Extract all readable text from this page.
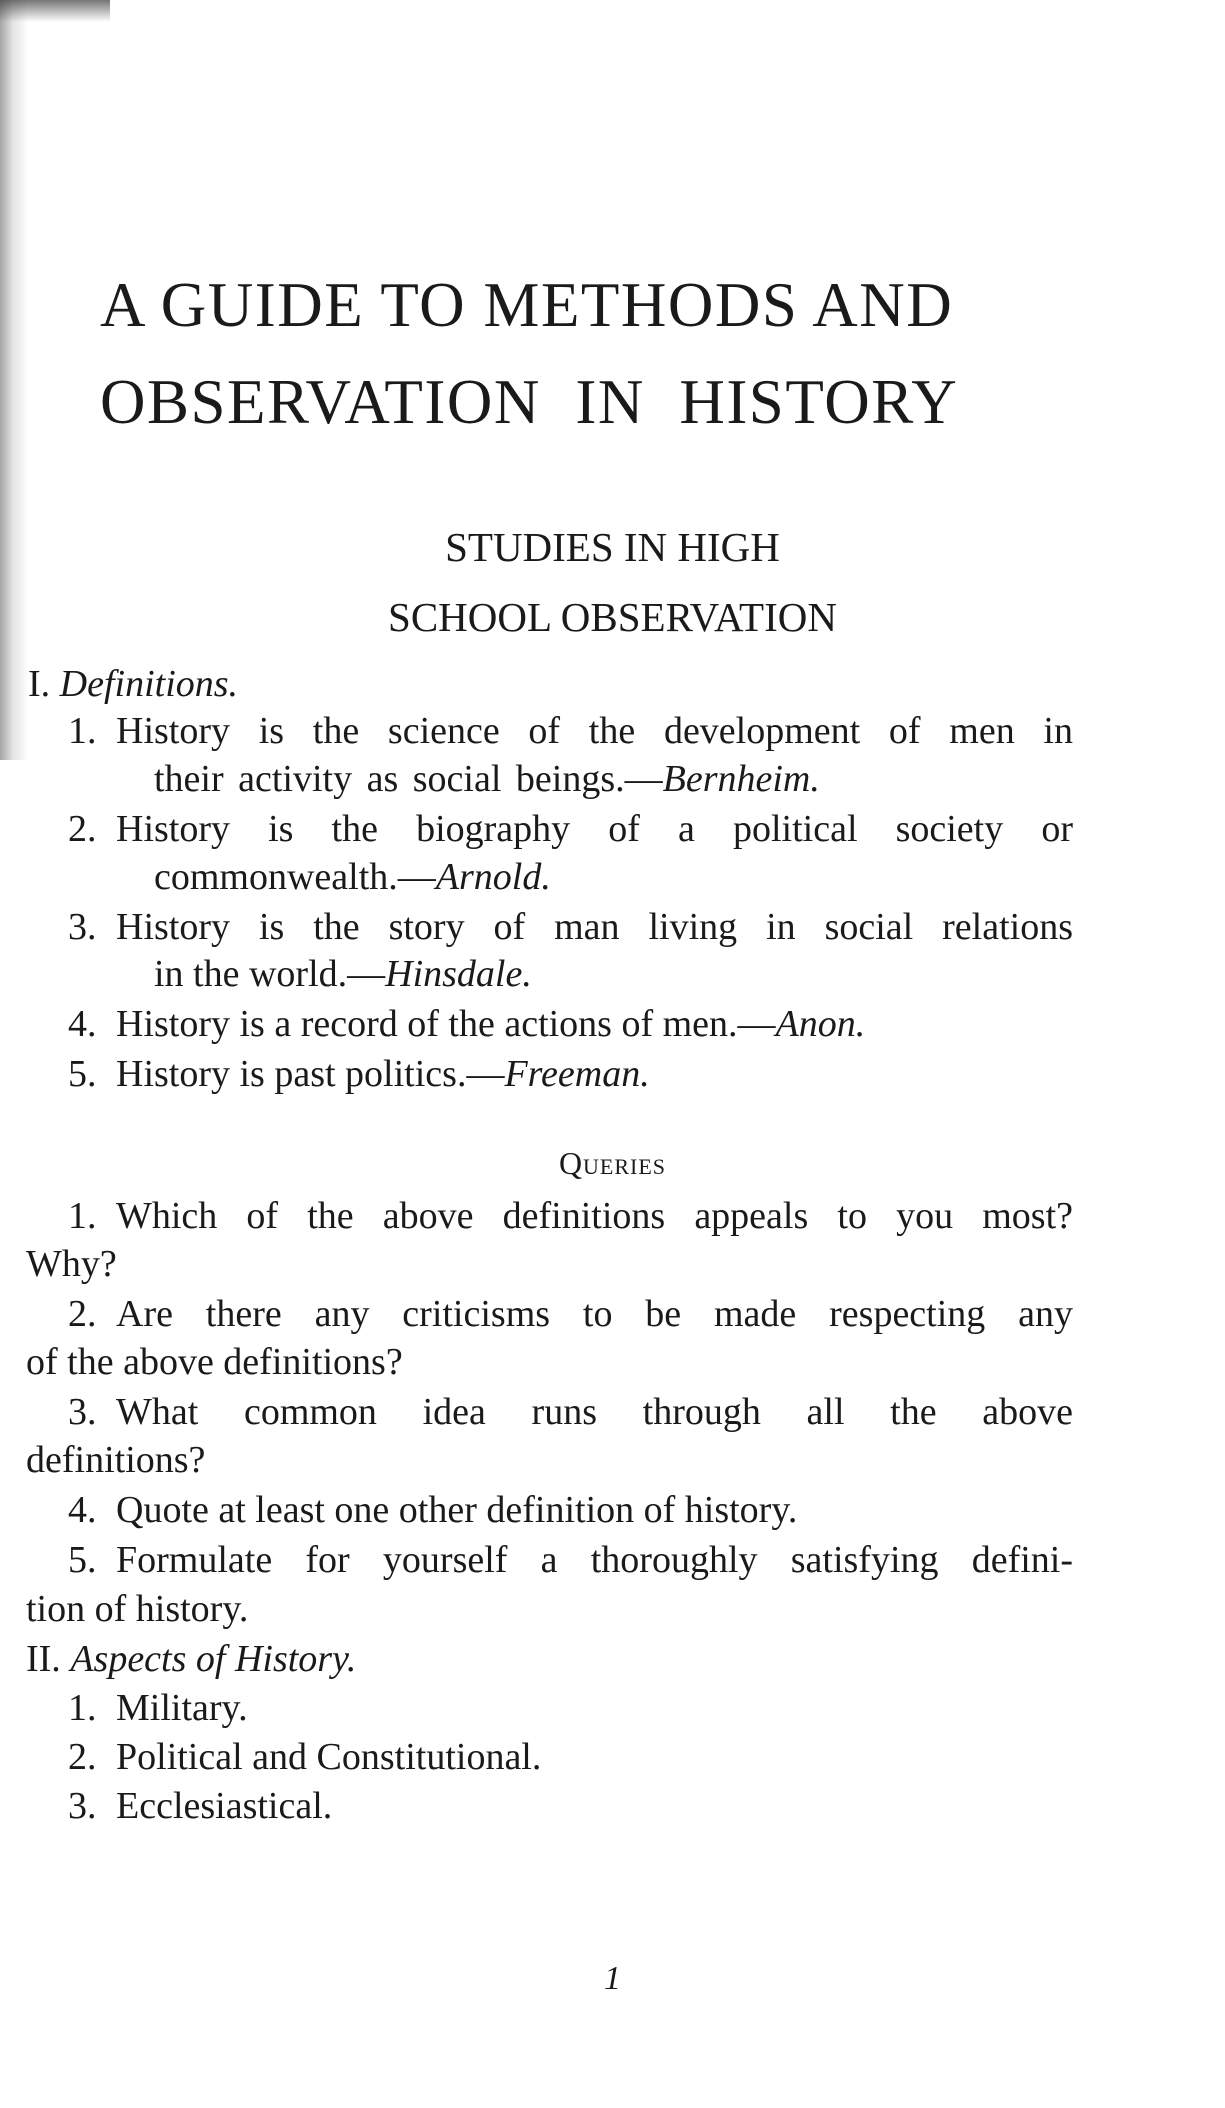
A GUIDE TO METHODS AND
OBSERVATION  IN  HISTORY
STUDIES IN HIGH
SCHOOL OBSERVATION
I. Definitions.
1. History is the science of the development of men in
their activity as social beings.—Bernheim.
2. History is the biography of a political society or
commonwealth.—Arnold.
3. History is the story of man living in social relations
in the world.—Hinsdale.
4. History is a record of the actions of men.—Anon.
5. History is past politics.—Freeman.
Queries
1. Which of the above definitions appeals to you most?
Why?
2. Are there any criticisms to be made respecting any
of the above definitions?
3. What common idea runs through all the above
definitions?
4. Quote at least one other definition of history.
5. Formulate for yourself a thoroughly satisfying defini-
tion of history.
II. Aspects of History.
1. Military.
2. Political and Constitutional.
3. Ecclesiastical.
1
